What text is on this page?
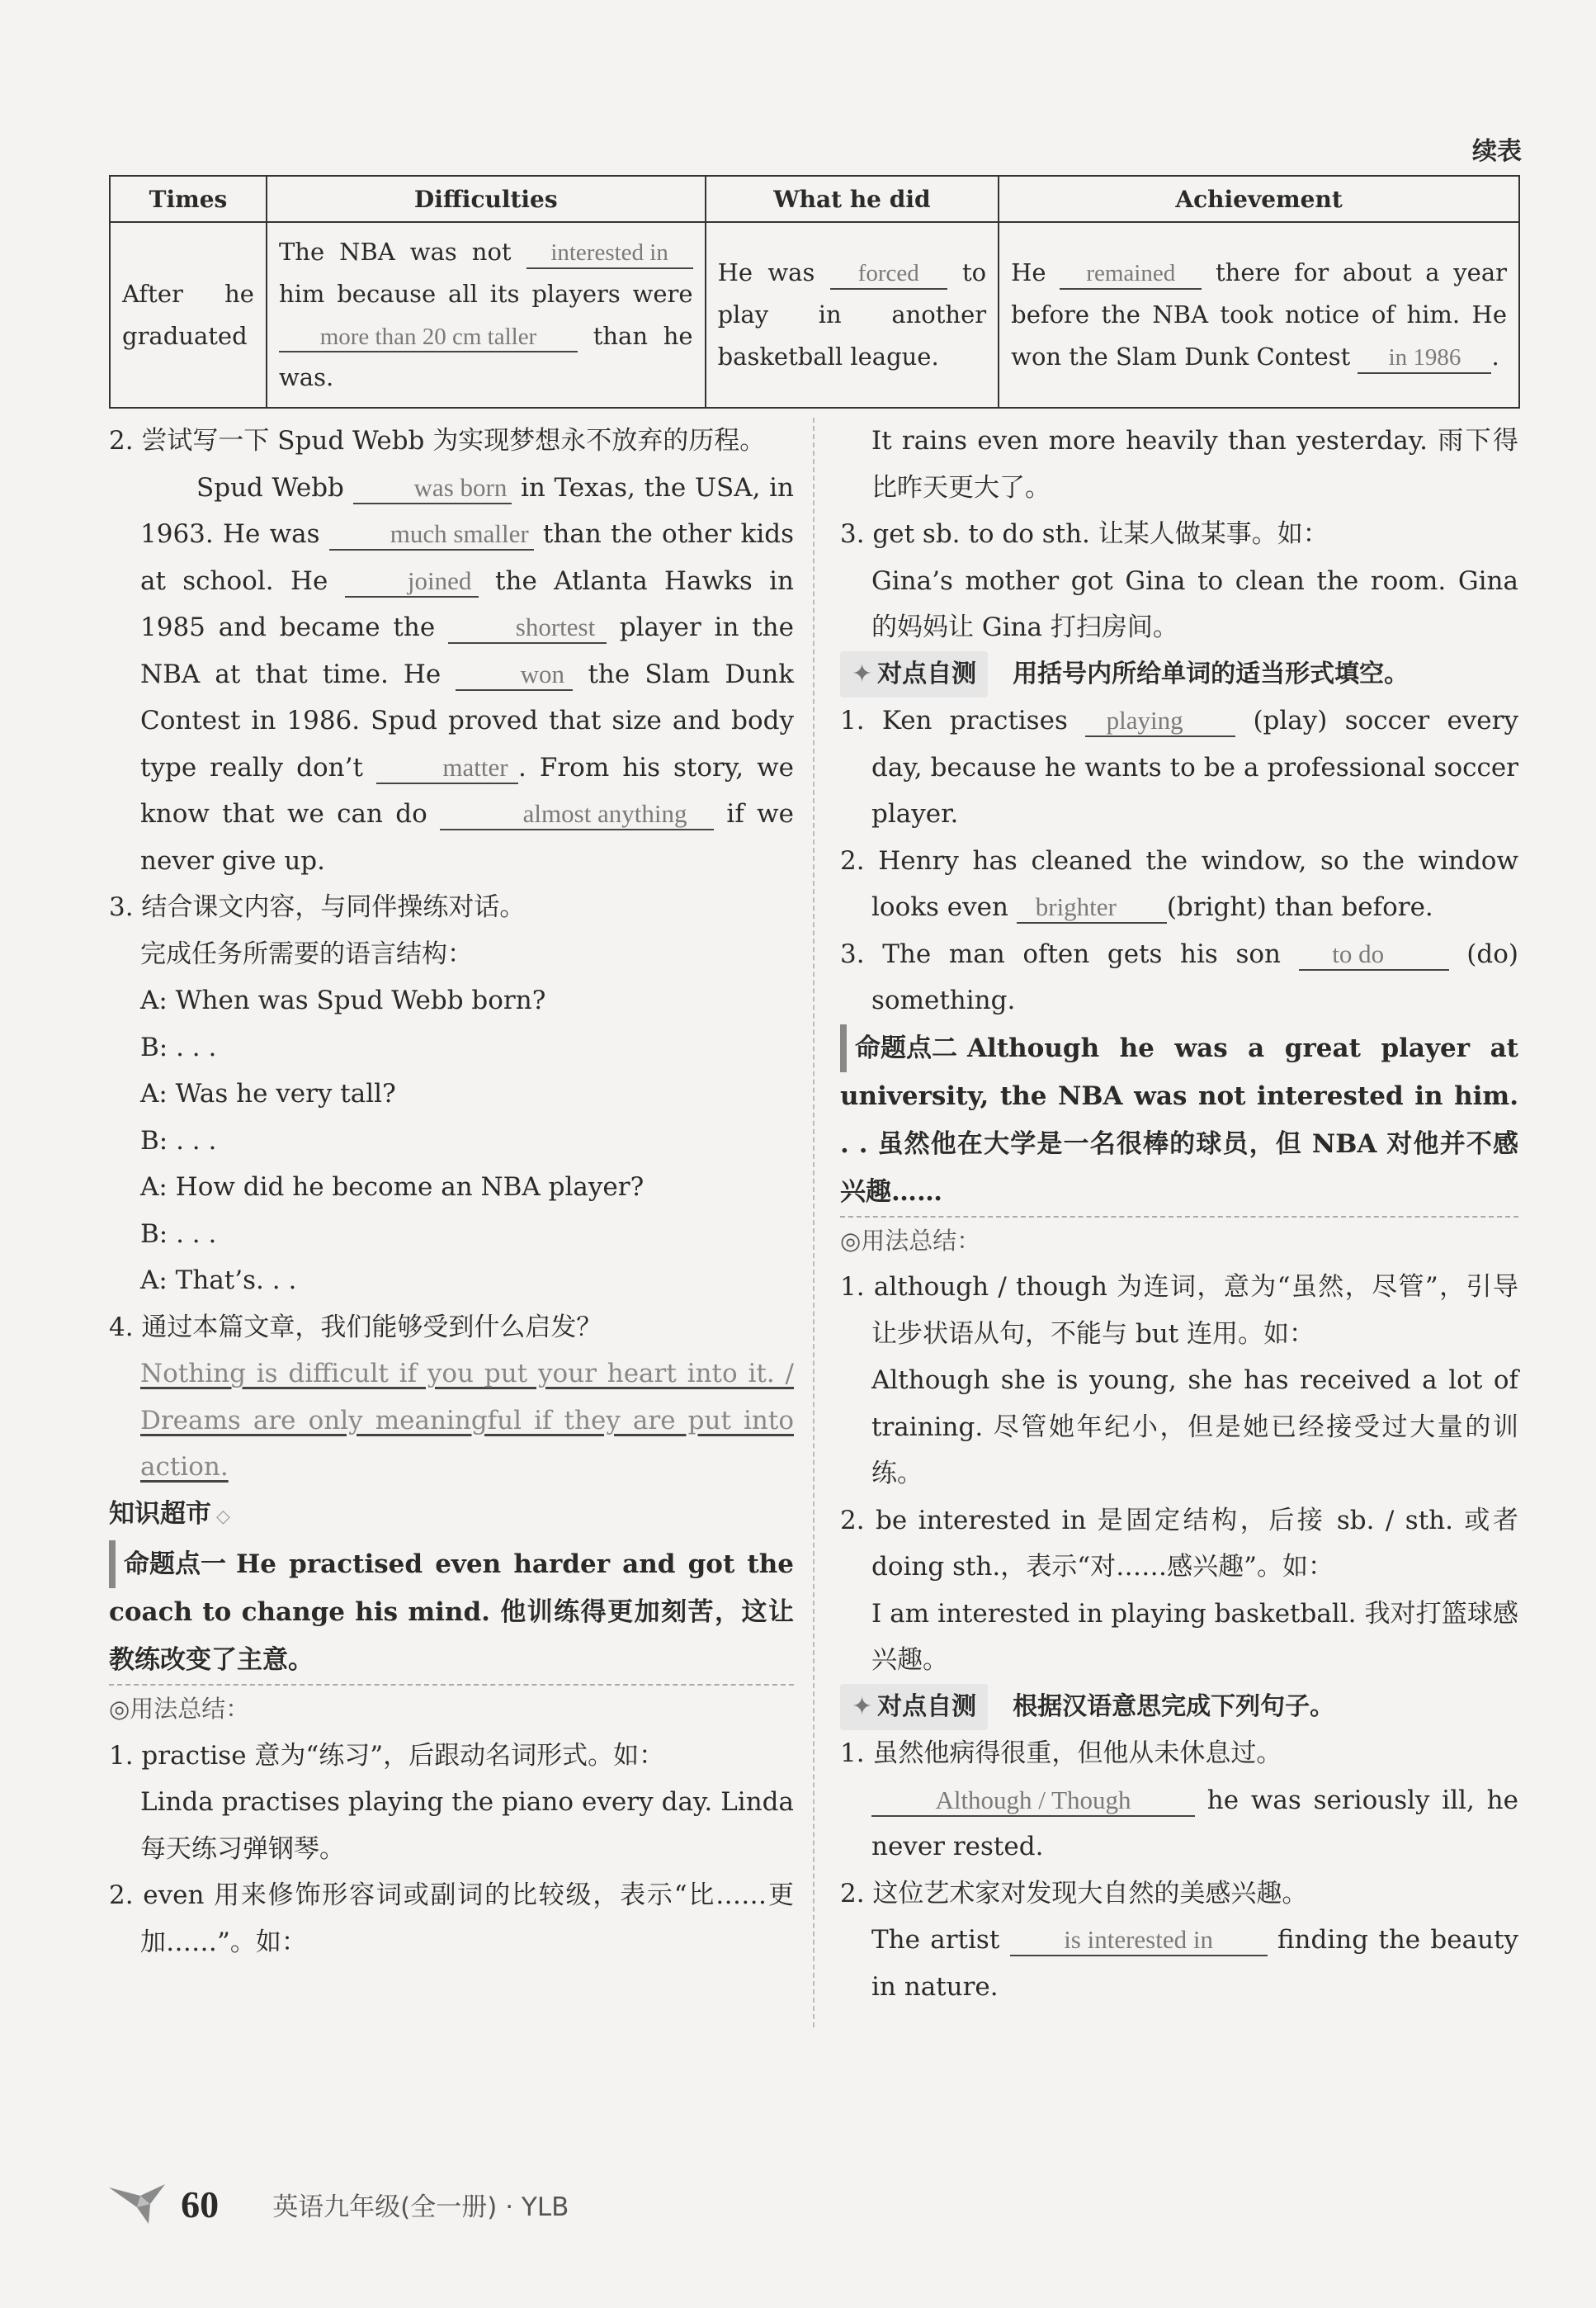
续表
Times	Difficulties	What he did	Achievement
After he graduated	The NBA was not interested in him because all its players were more than 20 cm taller than he was.	He was forced to play in another basketball league.	He remained there for about a year before the NBA took notice of him. He won the Slam Dunk Contest in 1986 .

2. 尝试写一下 Spud Webb 为实现梦想永不放弃的历程。

Spud Webb	was born in Texas, the USA, in 1963. He was	much smaller than the other kids at school. He	joined the Atlanta Hawks in 1985 and became the	shortest player in the NBA at that time. He	won the Slam Dunk Contest in 1986. Spud proved that size and body type really don’t	matter . From his story, we know that we can do	almost anything if we never give up.

3. 结合课文内容，与同伴操练对话。

完成任务所需要的语言结构：

A: When was Spud Webb born?

B: . . .

A: Was he very tall?

B: . . .

A: How did he become an NBA player?

B: . . .

A: That’s. . .

4. 通过本篇文章，我们能够受到什么启发？

Nothing is difficult if you put your heart into it. / Dreams are only meaningful if they are put into action.

知识超市 ◇

命题点一 He practised even harder and got the coach to change his mind. 他训练得更加刻苦，这让教练改变了主意。

◎用法总结：

1. practise 意为“练习”，后跟动名词形式。如：

Linda practises playing the piano every day. Linda 每天练习弹钢琴。

2. even 用来修饰形容词或副词的比较级，表示“比……更加……”。如：

It rains even more heavily than yesterday. 雨下得比昨天更大了。

3. get sb. to do sth. 让某人做某事。如：

Gina’s mother got Gina to clean the room. Gina 的妈妈让 Gina 打扫房间。

✦ 对点自测 用括号内所给单词的适当形式填空。

1. Ken practises playing	(play) soccer every day, because he wants to be a professional soccer player.

2. Henry has cleaned the window, so the window looks even brighter (bright) than before.

3. The man often gets his son to do	(do) something.

命题点二 Although he was a great player at university, the NBA was not interested in him. . . 虽然他在大学是一名很棒的球员，但 NBA 对他并不感兴趣……

◎用法总结：

1. although / though 为连词，意为“虽然，尽管”，引导让步状语从句，不能与 but 连用。如：

Although she is young, she has received a lot of training. 尽管她年纪小，但是她已经接受过大量的训练。

2. be interested in 是固定结构，后接 sb. / sth. 或者 doing sth.，表示“对……感兴趣”。如：

I am interested in playing basketball. 我对打篮球感兴趣。

✦ 对点自测 根据汉语意思完成下列句子。

1. 虽然他病得很重，但他从未休息过。

Although / Though	he was seriously ill, he never rested.

2. 这位艺术家对发现大自然的美感兴趣。

The artist	is interested in	finding the beauty in nature.

60 英语九年级(全一册) · YLB
